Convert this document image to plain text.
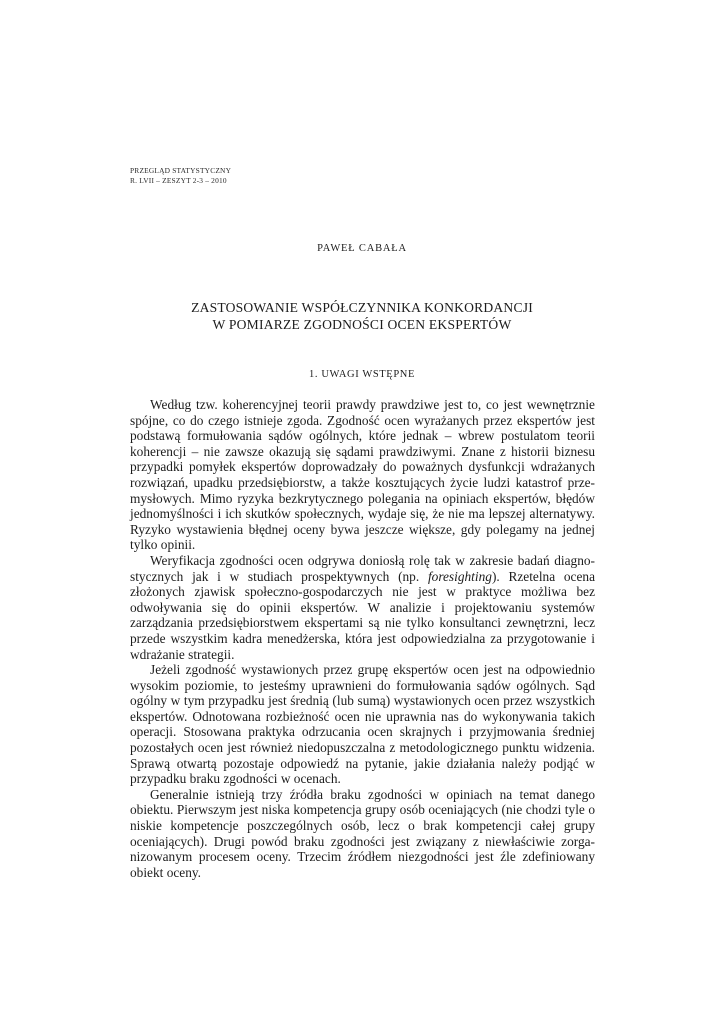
PRZEGLĄD STATYSTYCZNY
R. LVII – ZESZYT 2-3 – 2010
PAWEŁ CABAŁA
ZASTOSOWANIE WSPÓŁCZYNNIKA KONKORDANCJI
W POMIARZE ZGODNOŚCI OCEN EKSPERTÓW
1. UWAGI WSTĘPNE

Według tzw. koherencyjnej teorii prawdy prawdziwe jest to, co jest wewnętrznie spójne, co do czego istnieje zgoda. Zgodność ocen wyrażanych przez ekspertów jest podstawą formułowania sądów ogólnych, które jednak – wbrew postulatom teorii koherencji – nie zawsze okazują się sądami prawdziwymi. Znane z historii biznesu przypadki pomyłek ekspertów doprowadzały do poważnych dysfunkcji wdrażanych rozwiązań, upadku przedsiębiorstw, a także kosztujących życie ludzi katastrof przemysłowych. Mimo ryzyka bezkrytycznego polegania na opiniach ekspertów, błędów jednomyślności i ich skutków społecznych, wydaje się, że nie ma lepszej alternatywy. Ryzyko wystawienia błędnej oceny bywa jeszcze większe, gdy polegamy na jednej tylko opinii.

Weryfikacja zgodności ocen odgrywa doniosłą rolę tak w zakresie badań diagnostycznych jak i w studiach prospektywnych (np. foresighting). Rzetelna ocena złożonych zjawisk społeczno-gospodarczych nie jest w praktyce możliwa bez odwoływania się do opinii ekspertów. W analizie i projektowaniu systemów zarządzania przedsiębiorstwem ekspertami są nie tylko konsultanci zewnętrzni, lecz przede wszystkim kadra menedżerska, która jest odpowiedzialna za przygotowanie i wdrażanie strategii.

Jeżeli zgodność wystawionych przez grupę ekspertów ocen jest na odpowiednio wysokim poziomie, to jesteśmy uprawnieni do formułowania sądów ogólnych. Sąd ogólny w tym przypadku jest średnią (lub sumą) wystawionych ocen przez wszystkich ekspertów. Odnotowana rozbieżność ocen nie uprawnia nas do wykonywania takich operacji. Stosowana praktyka odrzucania ocen skrajnych i przyjmowania średniej pozostałych ocen jest również niedopuszczalna z metodologicznego punktu widzenia. Sprawą otwartą pozostaje odpowiedź na pytanie, jakie działania należy podjąć w przypadku braku zgodności w ocenach.

Generalnie istnieją trzy źródła braku zgodności w opiniach na temat danego obiektu. Pierwszym jest niska kompetencja grupy osób oceniających (nie chodzi tyle o niskie kompetencje poszczególnych osób, lecz o brak kompetencji całej grupy oceniających). Drugi powód braku zgodności jest związany z niewłaściwie zorganizowanym procesem oceny. Trzecim źródłem niezgodności jest źle zdefiniowany obiekt oceny.
